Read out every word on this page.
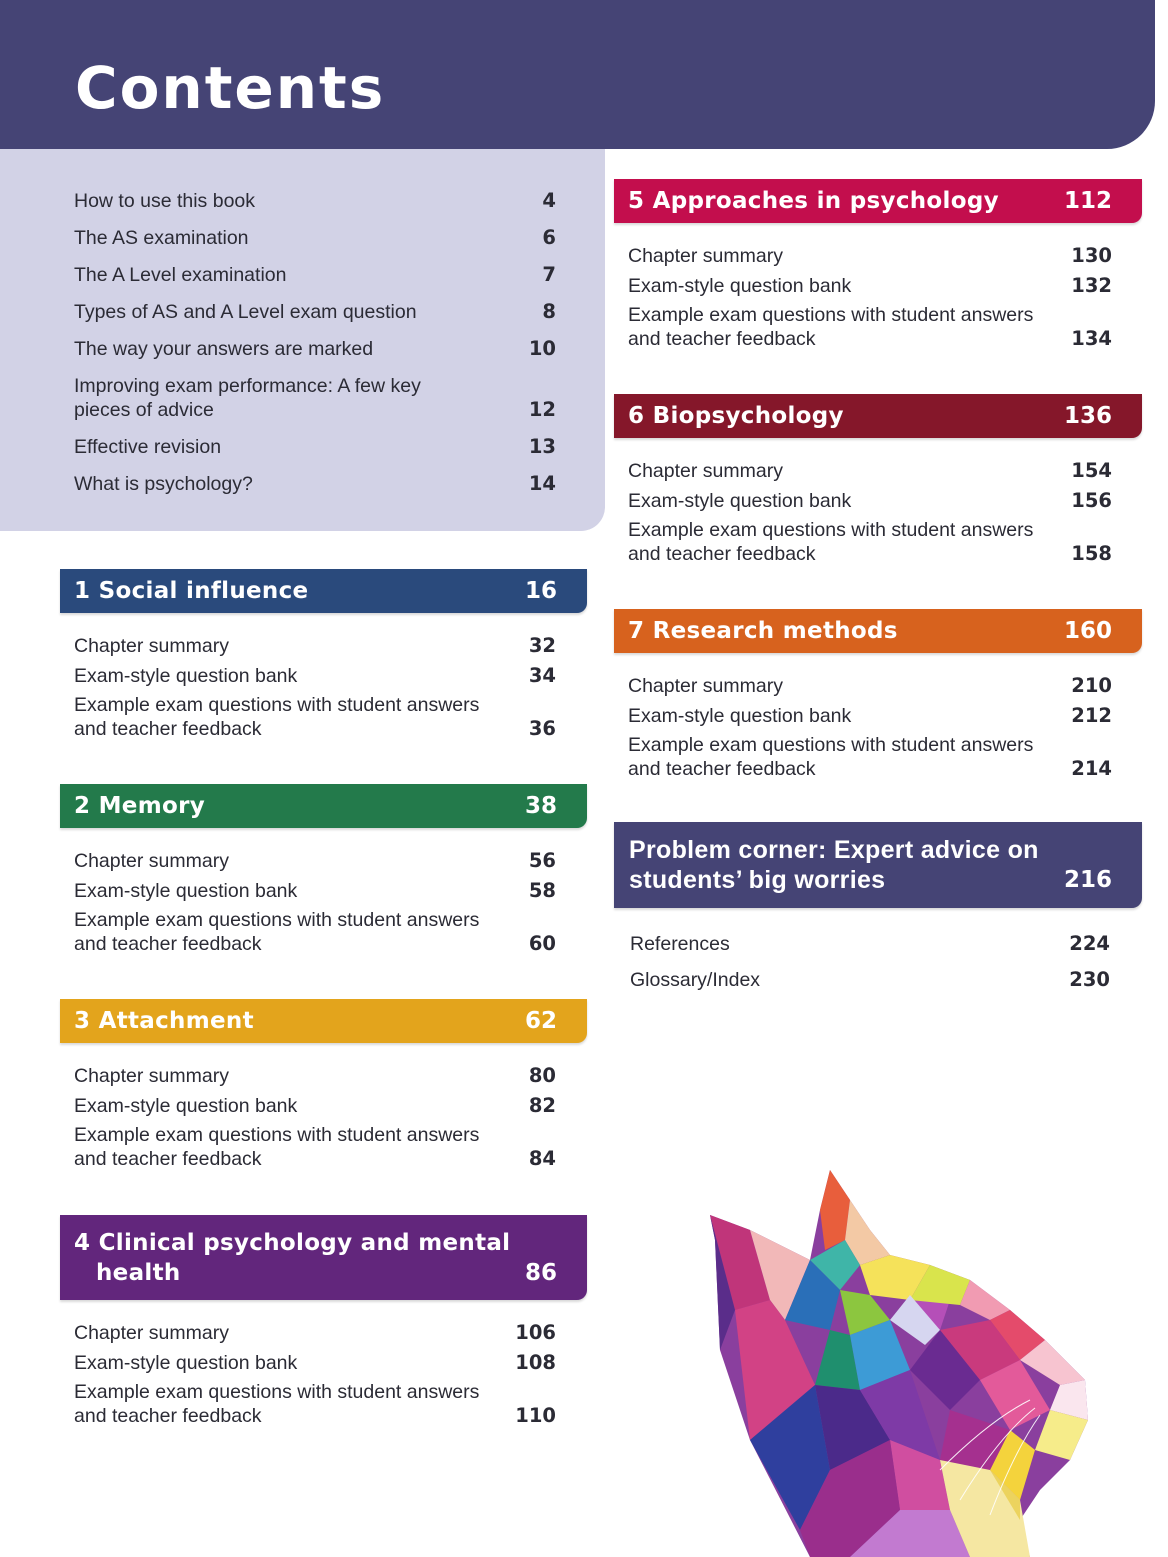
Contents
How to use this book	4
The AS examination	6
The A Level examination	7
Types of AS and A Level exam question	8
The way your answers are marked	10
Improving exam performance: A few key
pieces of advice	12
Effective revision	13
What is psychology?	14
1 Social influence	16
Chapter summary	32
Exam-style question bank	34
Example exam questions with student answers
and teacher feedback	36
2 Memory	38
Chapter summary	56
Exam-style question bank	58
Example exam questions with student answers
and teacher feedback	60
3 Attachment	62
Chapter summary	80
Exam-style question bank	82
Example exam questions with student answers
and teacher feedback	84
4 Clinical psychology and mental
health	86
Chapter summary	106
Exam-style question bank	108
Example exam questions with student answers
and teacher feedback	110
5 Approaches in psychology	112
Chapter summary	130
Exam-style question bank	132
Example exam questions with student answers
and teacher feedback	134
6 Biopsychology	136
Chapter summary	154
Exam-style question bank	156
Example exam questions with student answers
and teacher feedback	158
7 Research methods	160
Chapter summary	210
Exam-style question bank	212
Example exam questions with student answers
and teacher feedback	214
Problem corner: Expert advice on
students’ big worries	216
References	224
Glossary/Index	230
